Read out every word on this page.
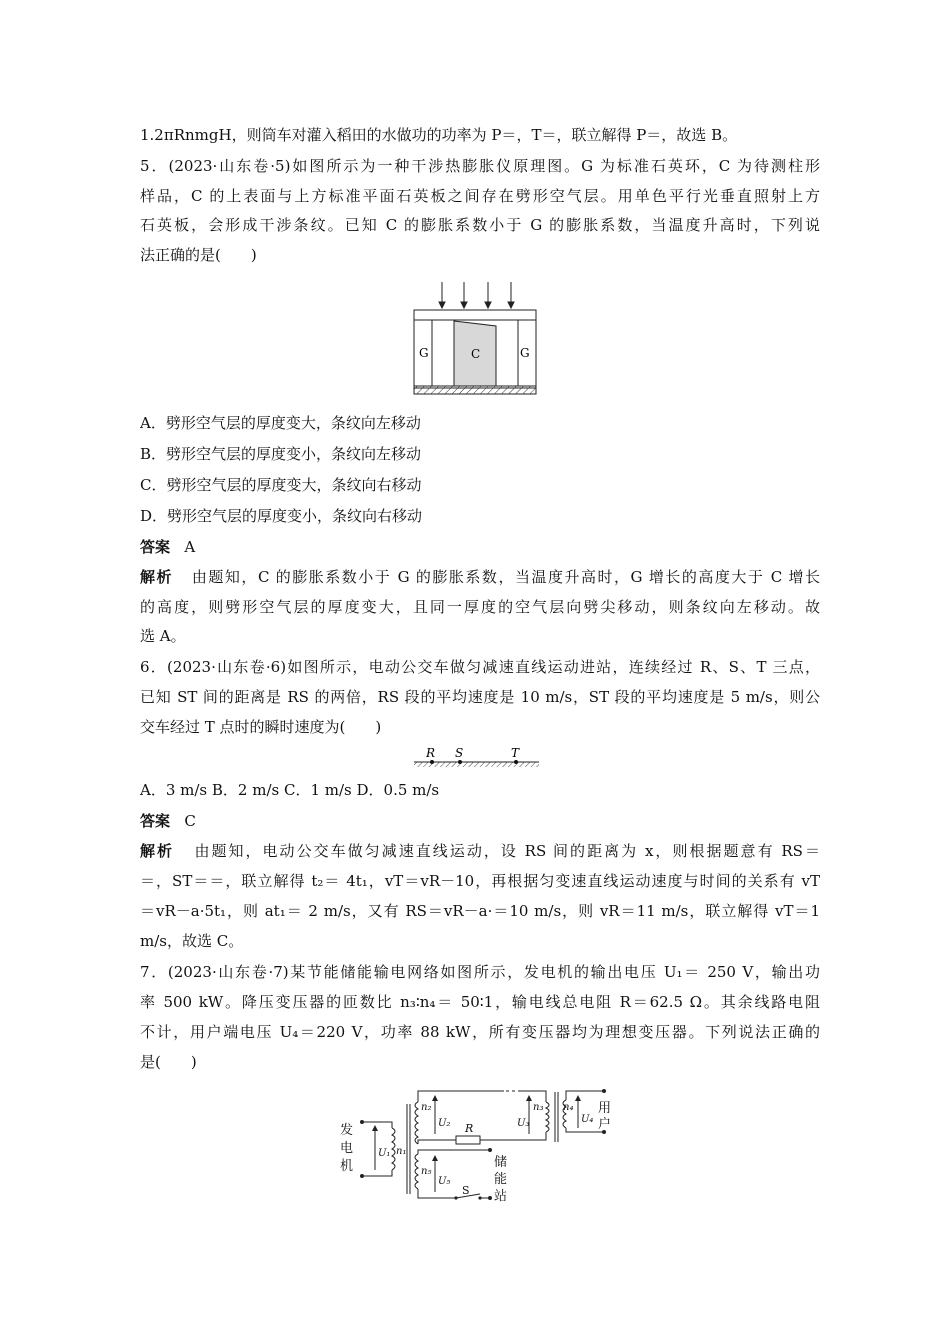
1.2πRnmgH，则筒车对灌入稻田的水做功的功率为 P＝，T＝，联立解得 P＝，故选 B。
5．(2023·山东卷·5)如图所示为一种干涉热膨胀仪原理图。G 为标准石英环，C 为待测柱形
样品，C 的上表面与上方标准平面石英板之间存在劈形空气层。用单色平行光垂直照射上方
石英板，会形成干涉条纹。已知 C 的膨胀系数小于 G 的膨胀系数，当温度升高时，下列说
法正确的是(　　)
G	C	G
A．劈形空气层的厚度变大，条纹向左移动
B．劈形空气层的厚度变小，条纹向左移动
C．劈形空气层的厚度变大，条纹向右移动
D．劈形空气层的厚度变小，条纹向右移动
答案 A
解析 由题知，C 的膨胀系数小于 G 的膨胀系数，当温度升高时，G 增长的高度大于 C 增长
的高度，则劈形空气层的厚度变大，且同一厚度的空气层向劈尖移动，则条纹向左移动。故
选 A。
6．(2023·山东卷·6)如图所示，电动公交车做匀减速直线运动进站，连续经过 R、S、T 三点，
已知 ST 间的距离是 RS 的两倍，RS 段的平均速度是 10 m/s，ST 段的平均速度是 5 m/s，则公
交车经过 T 点时的瞬时速度为(　　)
R S	T
A．3 m/s B．2 m/s C．1 m/s D．0.5 m/s
答案 C
解析 由题知，电动公交车做匀减速直线运动，设 RS 间的距离为 x，则根据题意有 RS＝
＝，ST＝＝，联立解得 t₂＝ 4t₁，vT＝vR－10，再根据匀变速直线运动速度与时间的关系有 vT
＝vR－a·5t₁，则 at₁＝ 2 m/s，又有 RS＝vR－a·＝10 m/s，则 vR＝11 m/s，联立解得 vT＝1
m/s，故选 C。
7．(2023·山东卷·7)某节能储能输电网络如图所示，发电机的输出电压 U₁＝ 250 V，输出功
率 500 kW。降压变压器的匝数比 n₃∶n₄＝ 50∶1，输电线总电阻 R＝62.5 Ω。其余线路电阻
不计，用户端电压 U₄＝220 V，功率 88 kW，所有变压器均为理想变压器。下列说法正确的
是(　　)
发
电
机
用
户
储
能
站
U₁ n₁
n₂
U₂
n₃
U₃
n₄
U₄
n₅
U₅
R
S
